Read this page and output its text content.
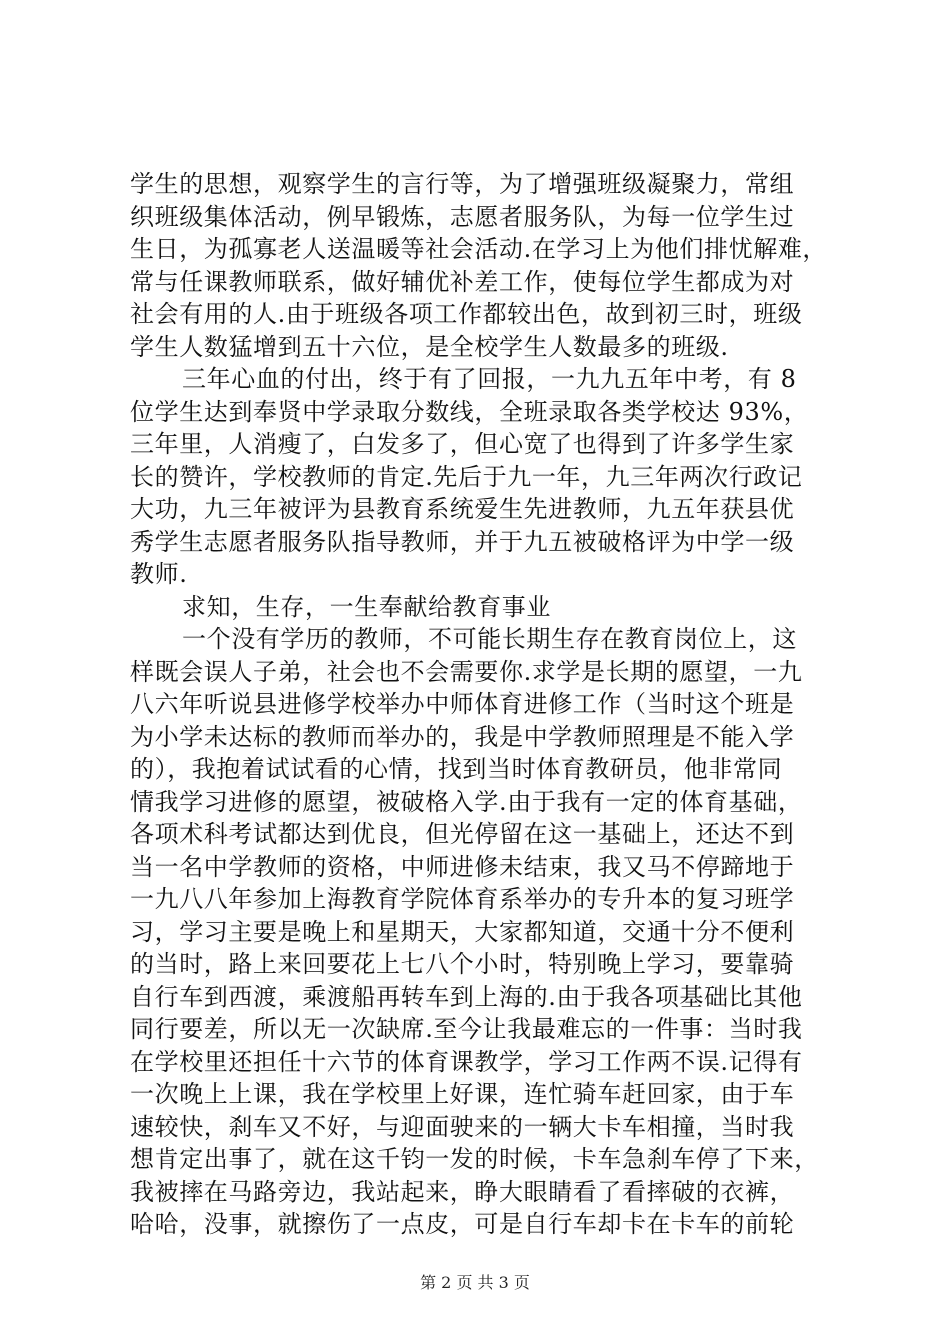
学生的思想，观察学生的言行等，为了增强班级凝聚力，常组
织班级集体活动，例早锻炼，志愿者服务队，为每一位学生过
生日，为孤寡老人送温暖等社会活动.在学习上为他们排忧解难，
常与任课教师联系，做好辅优补差工作，使每位学生都成为对
社会有用的人.由于班级各项工作都较出色，故到初三时，班级
学生人数猛增到五十六位，是全校学生人数最多的班级.
三年心血的付出，终于有了回报，一九九五年中考，有 8
位学生达到奉贤中学录取分数线，全班录取各类学校达 93%，
三年里，人消瘦了，白发多了，但心宽了也得到了许多学生家
长的赞许，学校教师的肯定.先后于九一年，九三年两次行政记
大功，九三年被评为县教育系统爱生先进教师，九五年获县优
秀学生志愿者服务队指导教师，并于九五被破格评为中学一级
教师.
求知，生存，一生奉献给教育事业
一个没有学历的教师，不可能长期生存在教育岗位上，这
样既会误人子弟，社会也不会需要你.求学是长期的愿望，一九
八六年听说县进修学校举办中师体育进修工作（当时这个班是
为小学未达标的教师而举办的，我是中学教师照理是不能入学
的），我抱着试试看的心情，找到当时体育教研员，他非常同
情我学习进修的愿望，被破格入学.由于我有一定的体育基础，
各项术科考试都达到优良，但光停留在这一基础上，还达不到
当一名中学教师的资格，中师进修未结束，我又马不停蹄地于
一九八八年参加上海教育学院体育系举办的专升本的复习班学
习，学习主要是晚上和星期天，大家都知道，交通十分不便利
的当时，路上来回要花上七八个小时，特别晚上学习，要靠骑
自行车到西渡，乘渡船再转车到上海的.由于我各项基础比其他
同行要差，所以无一次缺席.至今让我最难忘的一件事：当时我
在学校里还担任十六节的体育课教学，学习工作两不误.记得有
一次晚上上课，我在学校里上好课，连忙骑车赶回家，由于车
速较快，刹车又不好，与迎面驶来的一辆大卡车相撞，当时我
想肯定出事了，就在这千钧一发的时候，卡车急刹车停了下来，
我被摔在马路旁边，我站起来，睁大眼睛看了看摔破的衣裤，
哈哈，没事，就擦伤了一点皮，可是自行车却卡在卡车的前轮
第 2 页 共 3 页
